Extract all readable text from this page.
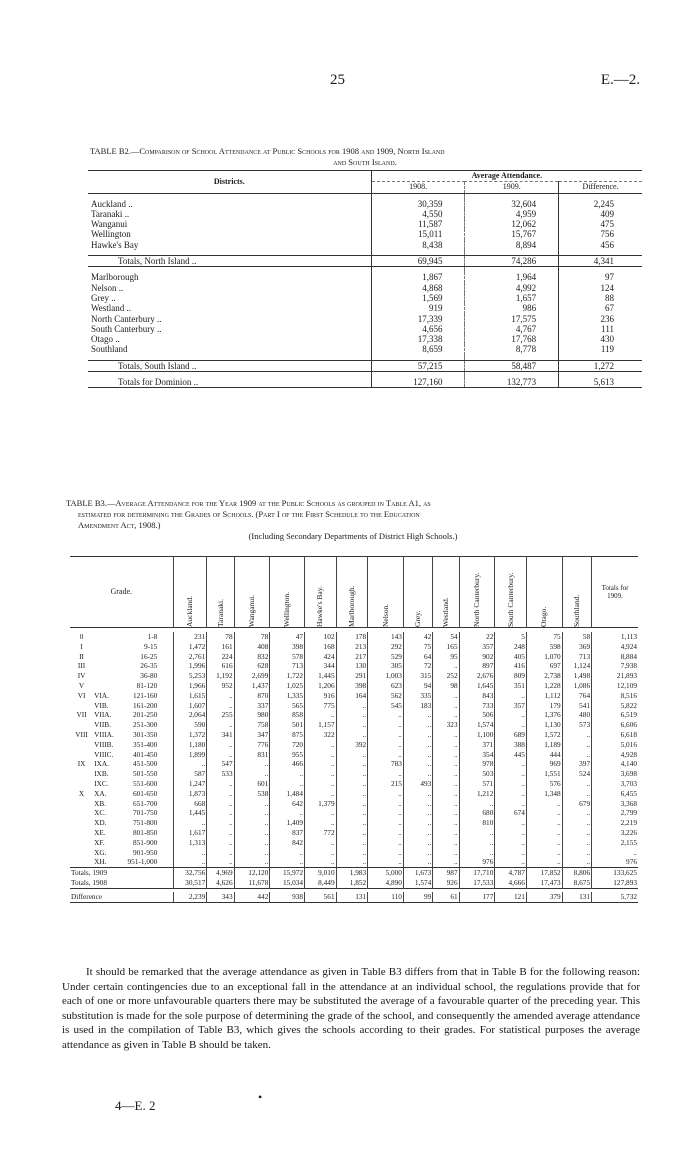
25	E.—2.
TABLE B2.—Comparison of School Attendance at Public Schools for 1908 and 1909, North Island
and South Island.
Districts.	Average Attendance.		
	1908.	1909.	Difference.

Auckland ..	30,359	32,604	2,245
Taranaki ..	4,550	4,959	409
Wanganui	11,587	12,062	475
Wellington	15,011	15,767	756
Hawke's Bay	8,438	8,894	456

Totals, North Island ..	69,945	74,286	4,341

Marlborough	1,867	1,964	97
Nelson ..	4,868	4,992	124
Grey ..	1,569	1,657	88
Westland ..	919	986	67
North Canterbury ..	17,339	17,575	236
South Canterbury ..	4,656	4,767	111
Otago ..	17,338	17,768	430
Southland	8,659	8,778	119

Totals, South Island ..	57,215	58,487	1,272

Totals for Dominion ..	127,160	132,773	5,613
TABLE B3.—Average Attendance for the Year 1909 at the Public Schools as grouped in Table A1, as
estimated for determining the Grades of Schools. (Part I of the First Schedule to the Education
Amendment Act, 1908.)
(Including Secondary Departments of District High Schools.)
Grade.				Auckland.	Taranaki.	Wanganui.	Wellington.	Hawke's Bay.	Marlborough.	Nelson.	Grey.	Westland.	North Canterbury.	South Canterbury.	Otago.	Southland.	Totals for 1909.

0		1-8		231	78	78	47	102	178	143	42	54	22	5	75	58	1,113
I		9-15		1,472	161	408	398	168	213	292	75	165	357	248	598	369	4,924
II		16-25		2,761	224	832	578	424	217	529	64	95	902	405	1,070	713	8,884
III		26-35		1,996	616	628	713	344	130	305	72	..	897	416	697	1,124	7,938
IV		36-80		5,253	1,192	2,699	1,722	1,445	291	1,003	315	252	2,676	809	2,738	1,498	21,893
V		81-120		1,966	952	1,437	1,025	1,206	398	623	94	98	1,645	351	1,228	1,086	12,109
VI	VIA.	121-160		1,615	..	870	1,335	916	164	562	335	..	843	..	1,112	764	8,516
	VIB.	161-200		1,607	..	337	565	775	..	545	183	..	733	357	179	541	5,822
VII	VIIA.	201-250		2,064	255	980	858	..	..	..	..	..	506	..	1,376	480	6,519
	VIIB.	251-300		590	..	758	501	1,157	..	..	..	323	1,574	..	1,130	573	6,606
VIII	VIIIA.	301-350		1,372	341	347	875	322	..	..	..	..	1,100	689	1,572	..	6,618
	VIIIB.	351-400		1,180	..	776	720	..	392	..	..	..	371	388	1,189	..	5,016
	VIIIC.	401-450		1,899	..	831	955	..	..	..	..	..	354	445	444	..	4,928
IX	IXA.	451-500		..	547	..	466	..	..	783	..	..	978	..	969	397	4,140
	IXB.	501-550		587	533	..	..	..	..	..	..	..	503	..	1,551	524	3,698
	IXC.	551-600		1,247	..	601	..	..	..	215	493	..	571	..	576	..	3,703
X	XA.	601-650		1,873	..	538	1,484	..	..	..	..	..	1,212	..	1,348	..	6,455
	XB.	651-700		668	..	..	642	1,379	..	..	..	..	..	..	..	679	3,368
	XC.	701-750		1,445	..	..	..	..	..	..	..	..	680	674	..	..	2,799
	XD.	751-800		..	..	..	1,409	..	..	..	..	..	810	..	..	..	2,219
	XE.	801-850		1,617	..	..	837	772	..	..	..	..	..	..	..	..	3,226
	XF.	851-900		1,313	..	..	842	..	..	..	..	..	..	..	..	..	2,155
	XG.	901-950		..	..	..	..	..	..	..	..	..	..	..	..	..	..
	XH.	951-1,000		..	..	..	..	..	..	..	..	..	976	..	..	..	976
Totals, 1909				32,756	4,969	12,120	15,972	9,010	1,983	5,000	1,673	987	17,710	4,787	17,852	8,806	133,625
Totals, 1908				30,517	4,626	11,678	15,034	8,449	1,852	4,890	1,574	926	17,533	4,666	17,473	8,675	127,893

Difference				2,239	343	442	938	561	131	110	99	61	177	121	379	131	5,732
It should be remarked that the average attendance as given in Table B3 differs from that in Table B for the following reason: Under certain contingencies due to an exceptional fall in the attendance at an individual school, the regulations provide that for each of one or more unfavourable quarters there may be substituted the average of a favourable quarter of the preceding year. This substitution is made for the sole purpose of determining the grade of the school, and consequently the amended average attendance is used in the compilation of Table B3, which gives the schools according to their grades. For statistical purposes the average attendance as given in Table B should be taken.
•
4—E. 2
